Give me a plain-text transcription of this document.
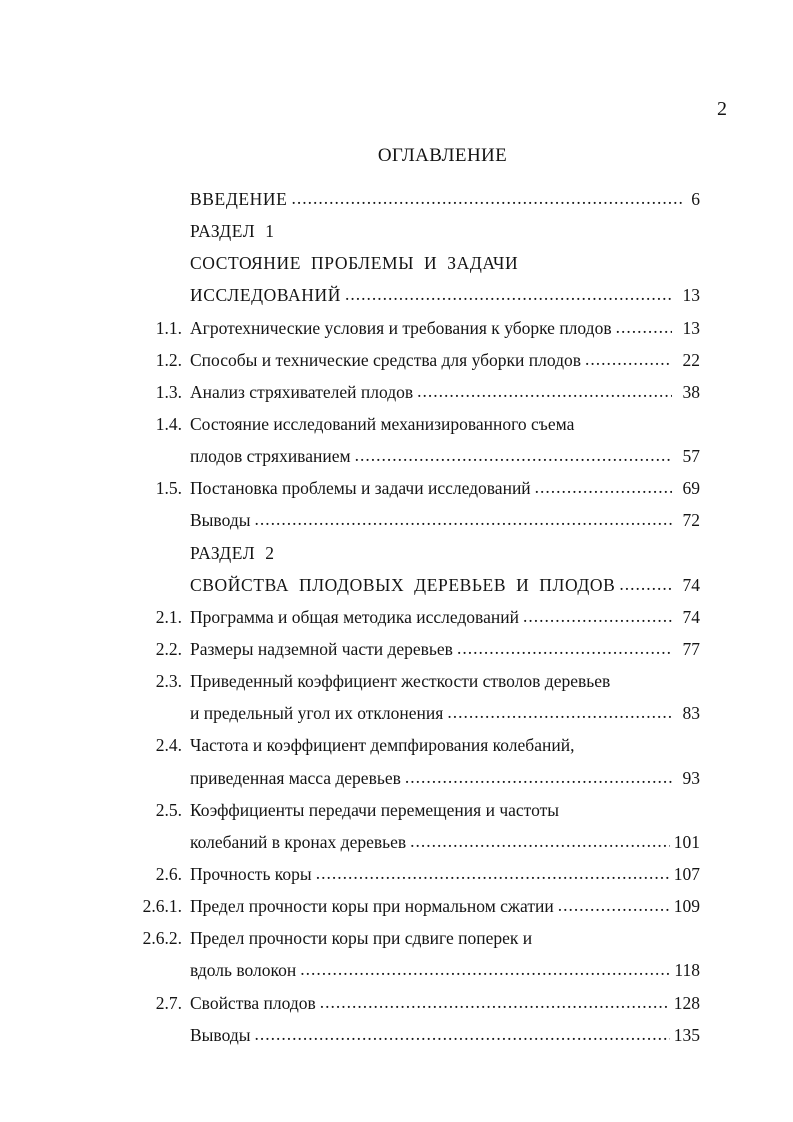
2
ОГЛАВЛЕНИЕ
ВВЕДЕНИЕ .....	6
РАЗДЕЛ 1
СОСТОЯНИЕ ПРОБЛЕМЫ И ЗАДАЧИ
ИССЛЕДОВАНИЙ .....	13
1.1. Агротехнические условия и требования к уборке плодов .....	13
1.2. Способы и технические средства для уборки плодов .....	22
1.3. Анализ стряхивателей плодов .....	38
1.4. Состояние исследований механизированного съема
плодов стряхиванием .....	57
1.5. Постановка проблемы и задачи исследований .....	69
Выводы .....	72
РАЗДЕЛ 2
СВОЙСТВА ПЛОДОВЫХ ДЕРЕВЬЕВ И ПЛОДОВ .....	74
2.1. Программа и общая методика исследований .....	74
2.2. Размеры надземной части деревьев .....	77
2.3. Приведенный коэффициент жесткости стволов деревьев
и предельный угол их отклонения .....	83
2.4. Частота и коэффициент демпфирования колебаний,
приведенная масса деревьев .....	93
2.5. Коэффициенты передачи перемещения и частоты
колебаний в кронах деревьев .....	101
2.6. Прочность коры .....	107
2.6.1. Предел прочности коры при нормальном сжатии .....	109
2.6.2. Предел прочности коры при сдвиге поперек и
вдоль волокон .....	118
2.7. Свойства плодов .....	128
Выводы .....	135
